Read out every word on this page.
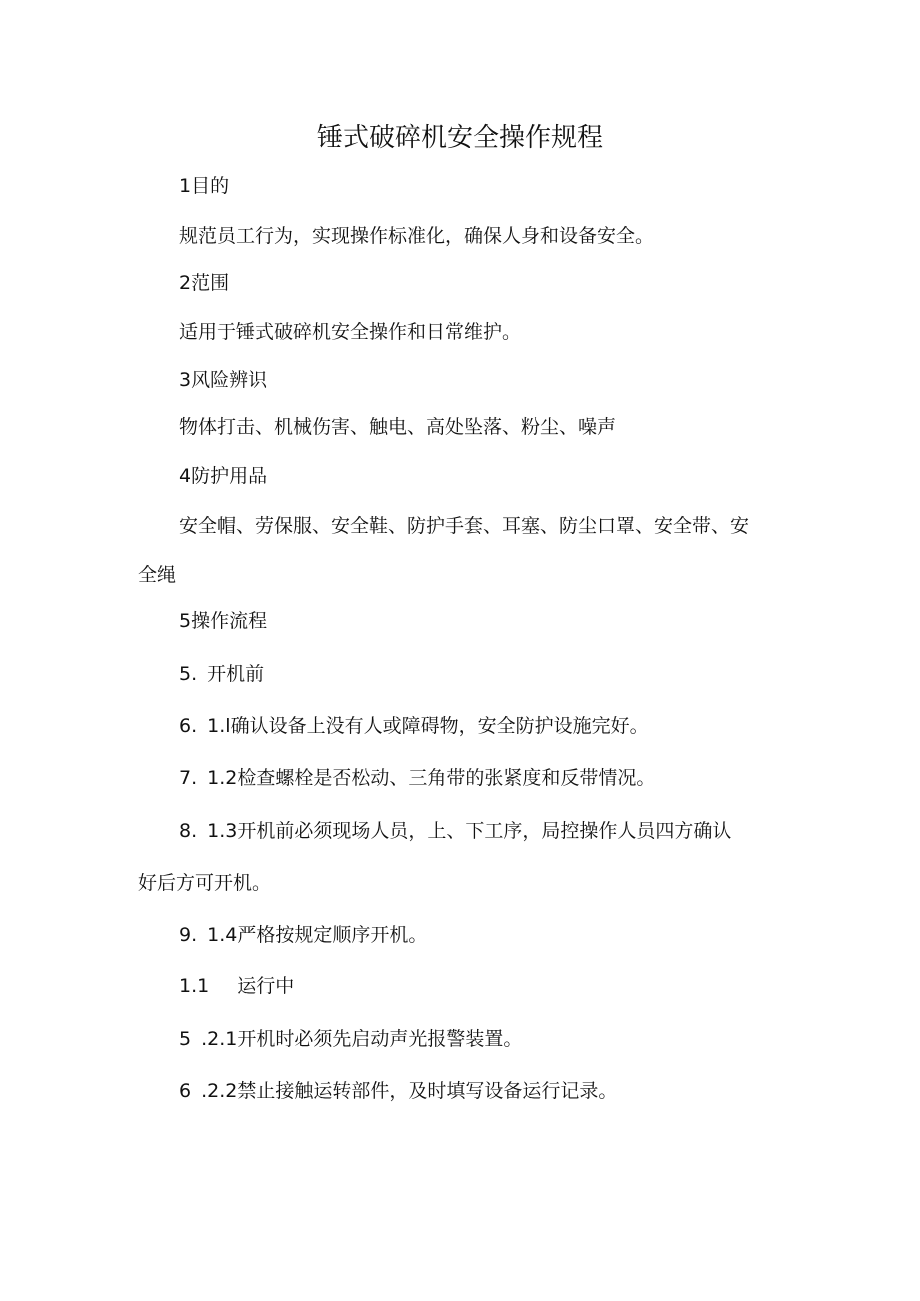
锤式破碎机安全操作规程
1目的
规范员工行为，实现操作标准化，确保人身和设备安全。
2范围
适用于锤式破碎机安全操作和日常维护。
3风险辨识
物体打击、机械伤害、触电、高处坠落、粉尘、噪声
4防护用品
安全帽、劳保服、安全鞋、防护手套、耳塞、防尘口罩、安全带、安
全绳
5操作流程
5. 开机前
6. 1.l确认设备上没有人或障碍物，安全防护设施完好。
7. 1.2检查螺栓是否松动、三角带的张紧度和反带情况。
8. 1.3开机前必须现场人员，上、下工序，局控操作人员四方确认
好后方可开机。
9. 1.4严格按规定顺序开机。
1.1 运行中
5 .2.1开机时必须先启动声光报警装置。
6 .2.2禁止接触运转部件，及时填写设备运行记录。
